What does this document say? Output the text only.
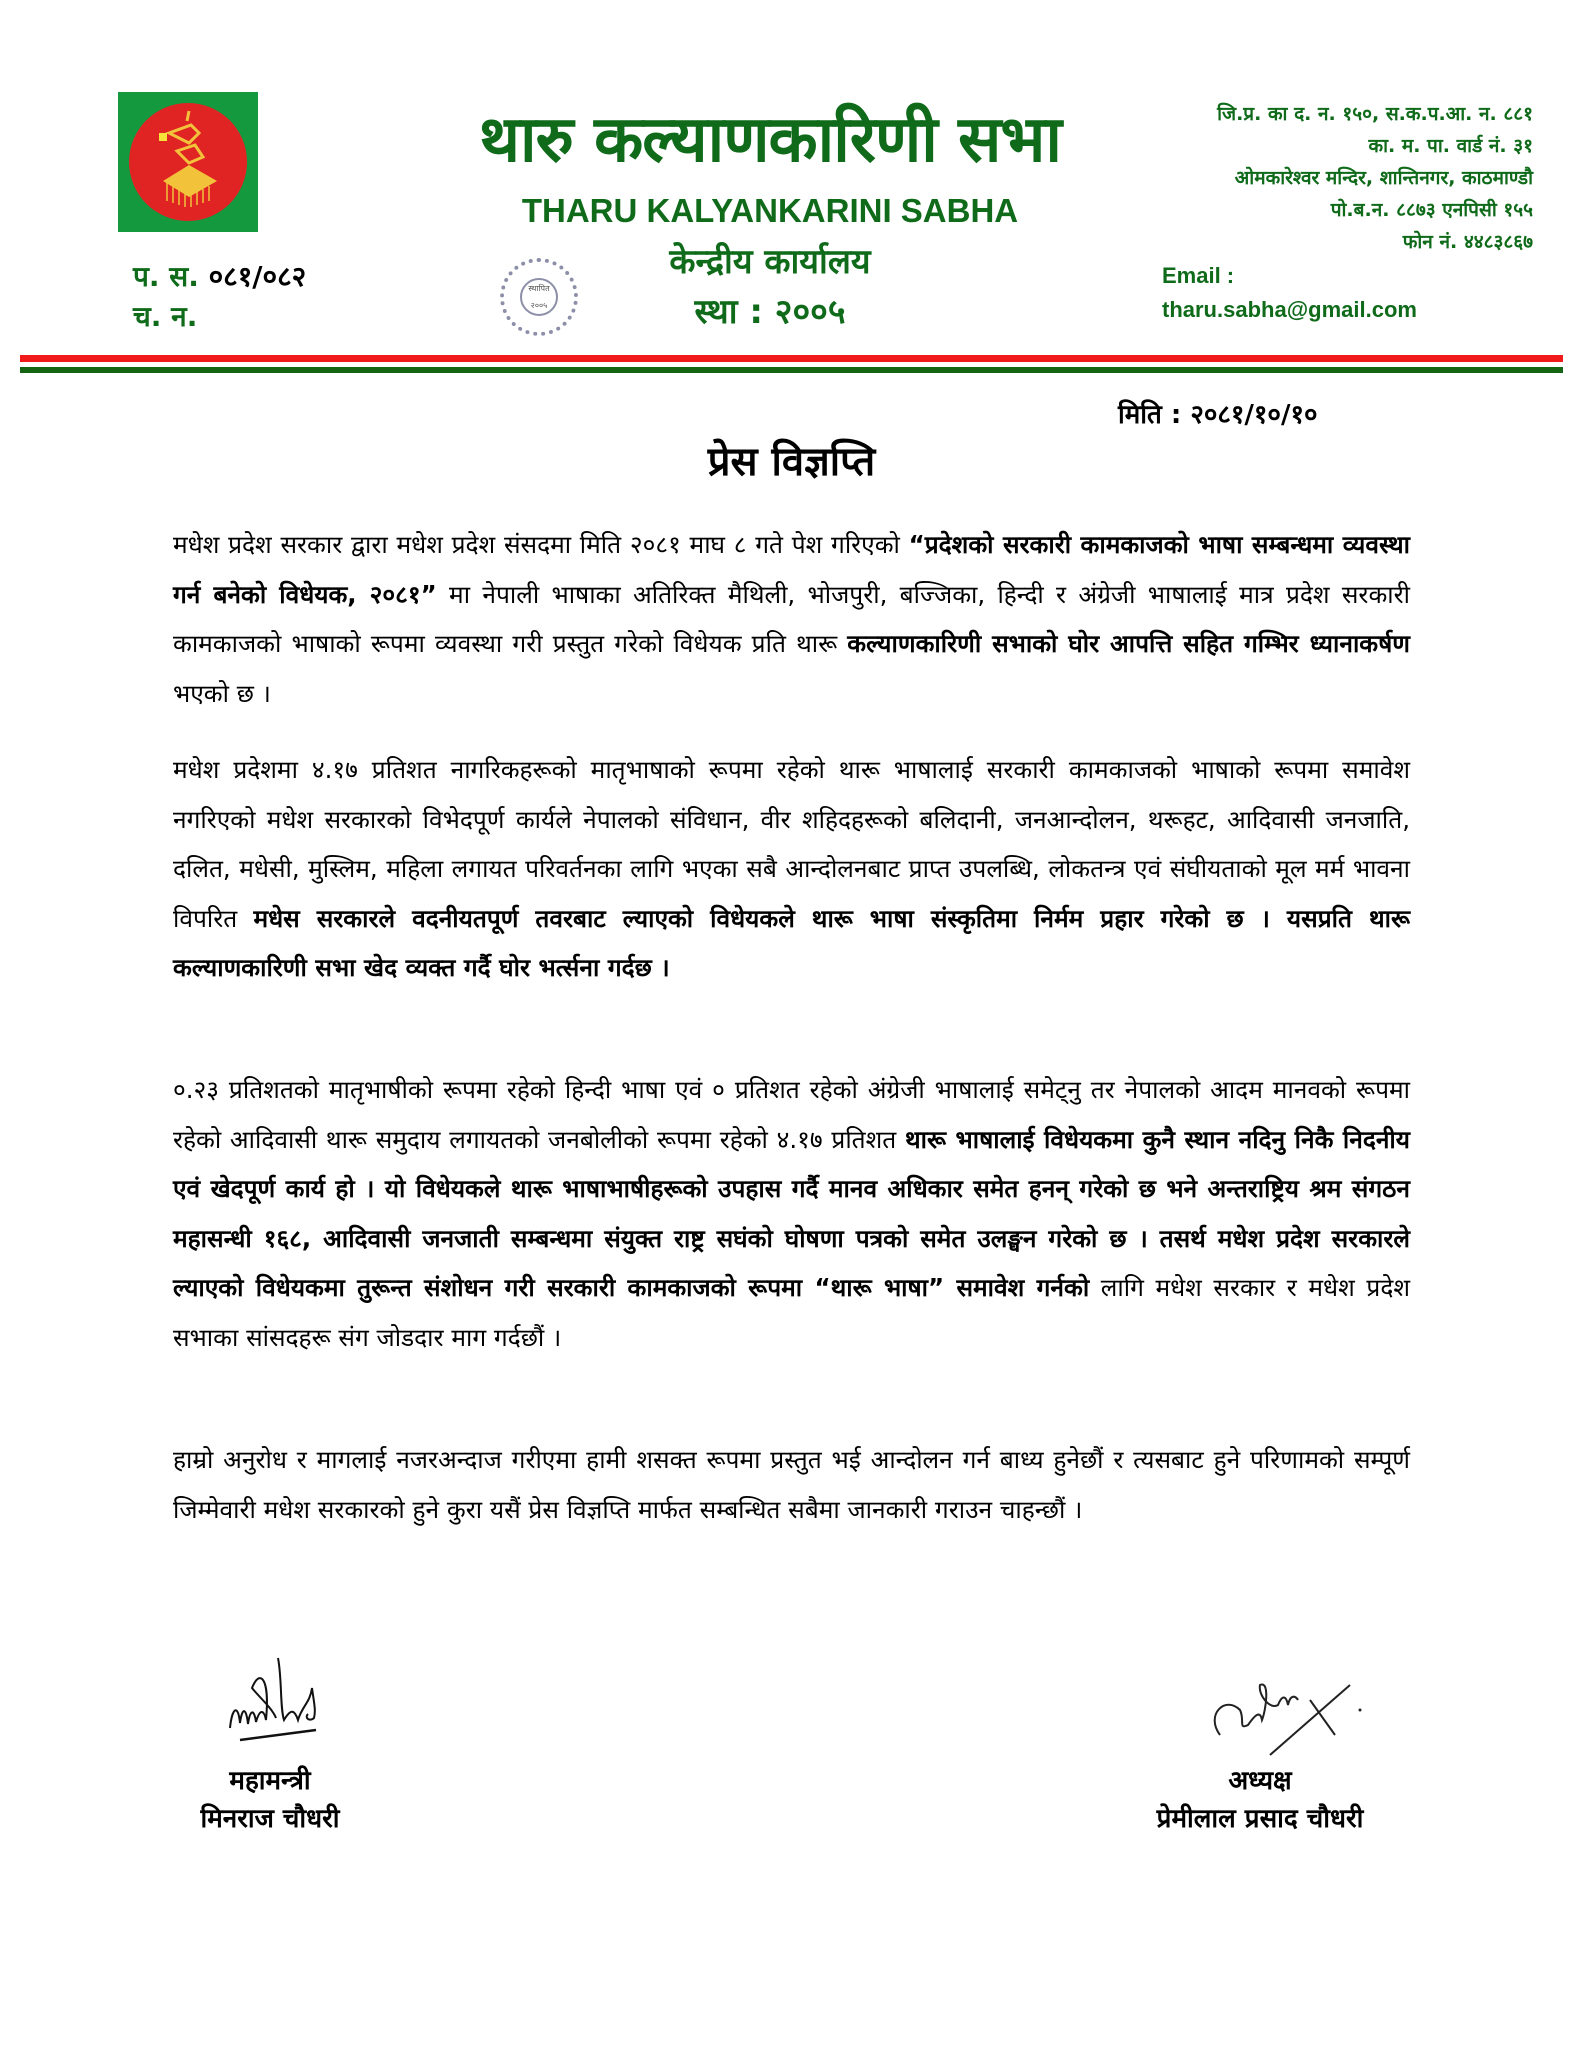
थारु कल्याणकारिणी सभा
THARU KALYANKARINI SABHA
केन्द्रीय कार्यालय
स्था : २००५
स्थापित २००५
प. स. ०८१/०८२
च. न.
जि.प्र. का द. न. १५०, स.क.प.आ. न. ८८१
का. म. पा. वार्ड नं. ३१
ओमकारेश्वर मन्दिर, शान्तिनगर, काठमाण्डौ
पो.ब.न. ८८७३ एनपिसी १५५
फोन नं. ४४८३८६७
Email :
tharu.sabha@gmail.com
मिति : २०८१/१०/१०
प्रेस विज्ञप्ति
मधेश प्रदेश सरकार द्वारा मधेश प्रदेश संसदमा मिति २०८१ माघ ८ गते पेश गरिएको “प्रदेशको सरकारी कामकाजको भाषा सम्बन्धमा व्यवस्था गर्न बनेको विधेयक, २०८१” मा नेपाली भाषाका अतिरिक्त मैथिली, भोजपुरी, बज्जिका, हिन्दी र अंग्रेजी भाषालाई मात्र प्रदेश सरकारी कामकाजको भाषाको रूपमा व्यवस्था गरी प्रस्तुत गरेको विधेयक प्रति थारू कल्याणकारिणी सभाको घोर आपत्ति सहित गम्भिर ध्यानाकर्षण भएको छ ।
मधेश प्रदेशमा ४.१७ प्रतिशत नागरिकहरूको मातृभाषाको रूपमा रहेको थारू भाषालाई सरकारी कामकाजको भाषाको रूपमा समावेश नगरिएको मधेश सरकारको विभेदपूर्ण कार्यले नेपालको संविधान, वीर शहिदहरूको बलिदानी, जनआन्दोलन, थरूहट, आदिवासी जनजाति, दलित, मधेसी, मुस्लिम, महिला लगायत परिवर्तनका लागि भएका सबै आन्दोलनबाट प्राप्त उपलब्धि, लोकतन्त्र एवं संघीयताको मूल मर्म भावना विपरित मधेस सरकारले वदनीयतपूर्ण तवरबाट ल्याएको विधेयकले थारू भाषा संस्कृतिमा निर्मम प्रहार गरेको छ । यसप्रति थारू कल्याणकारिणी सभा खेद व्यक्त गर्दै घोर भर्त्सना गर्दछ ।
०.२३ प्रतिशतको मातृभाषीको रूपमा रहेको हिन्दी भाषा एवं ० प्रतिशत रहेको अंग्रेजी भाषालाई समेट्नु तर नेपालको आदम मानवको रूपमा रहेको आदिवासी थारू समुदाय लगायतको जनबोलीको रूपमा रहेको ४.१७ प्रतिशत थारू भाषालाई विधेयकमा कुनै स्थान नदिनु निकै निदनीय एवं खेदपूर्ण कार्य हो । यो विधेयकले थारू भाषाभाषीहरूको उपहास गर्दै मानव अधिकार समेत हनन् गरेको छ भने अन्तराष्ट्रिय श्रम संगठन महासन्धी १६८, आदिवासी जनजाती सम्बन्धमा संयुक्त राष्ट्र सघंको घोषणा पत्रको समेत उलङ्घन गरेको छ । तसर्थ मधेश प्रदेश सरकारले ल्याएको विधेयकमा तुरून्त संशोधन गरी सरकारी कामकाजको रूपमा “थारू भाषा” समावेश गर्नको लागि मधेश सरकार र मधेश प्रदेश सभाका सांसदहरू संग जोडदार माग गर्दछौं ।
हाम्रो अनुरोध र मागलाई नजरअन्दाज गरीएमा हामी शसक्त रूपमा प्रस्तुत भई आन्दोलन गर्न बाध्य हुनेछौं र त्यसबाट हुने परिणामको सम्पूर्ण जिम्मेवारी मधेश सरकारको हुने कुरा यसैं प्रेस विज्ञप्ति मार्फत सम्बन्धित सबैमा जानकारी गराउन चाहन्छौं ।
महामन्त्री
मिनराज चौधरी
अध्यक्ष
प्रेमीलाल प्रसाद चौधरी
